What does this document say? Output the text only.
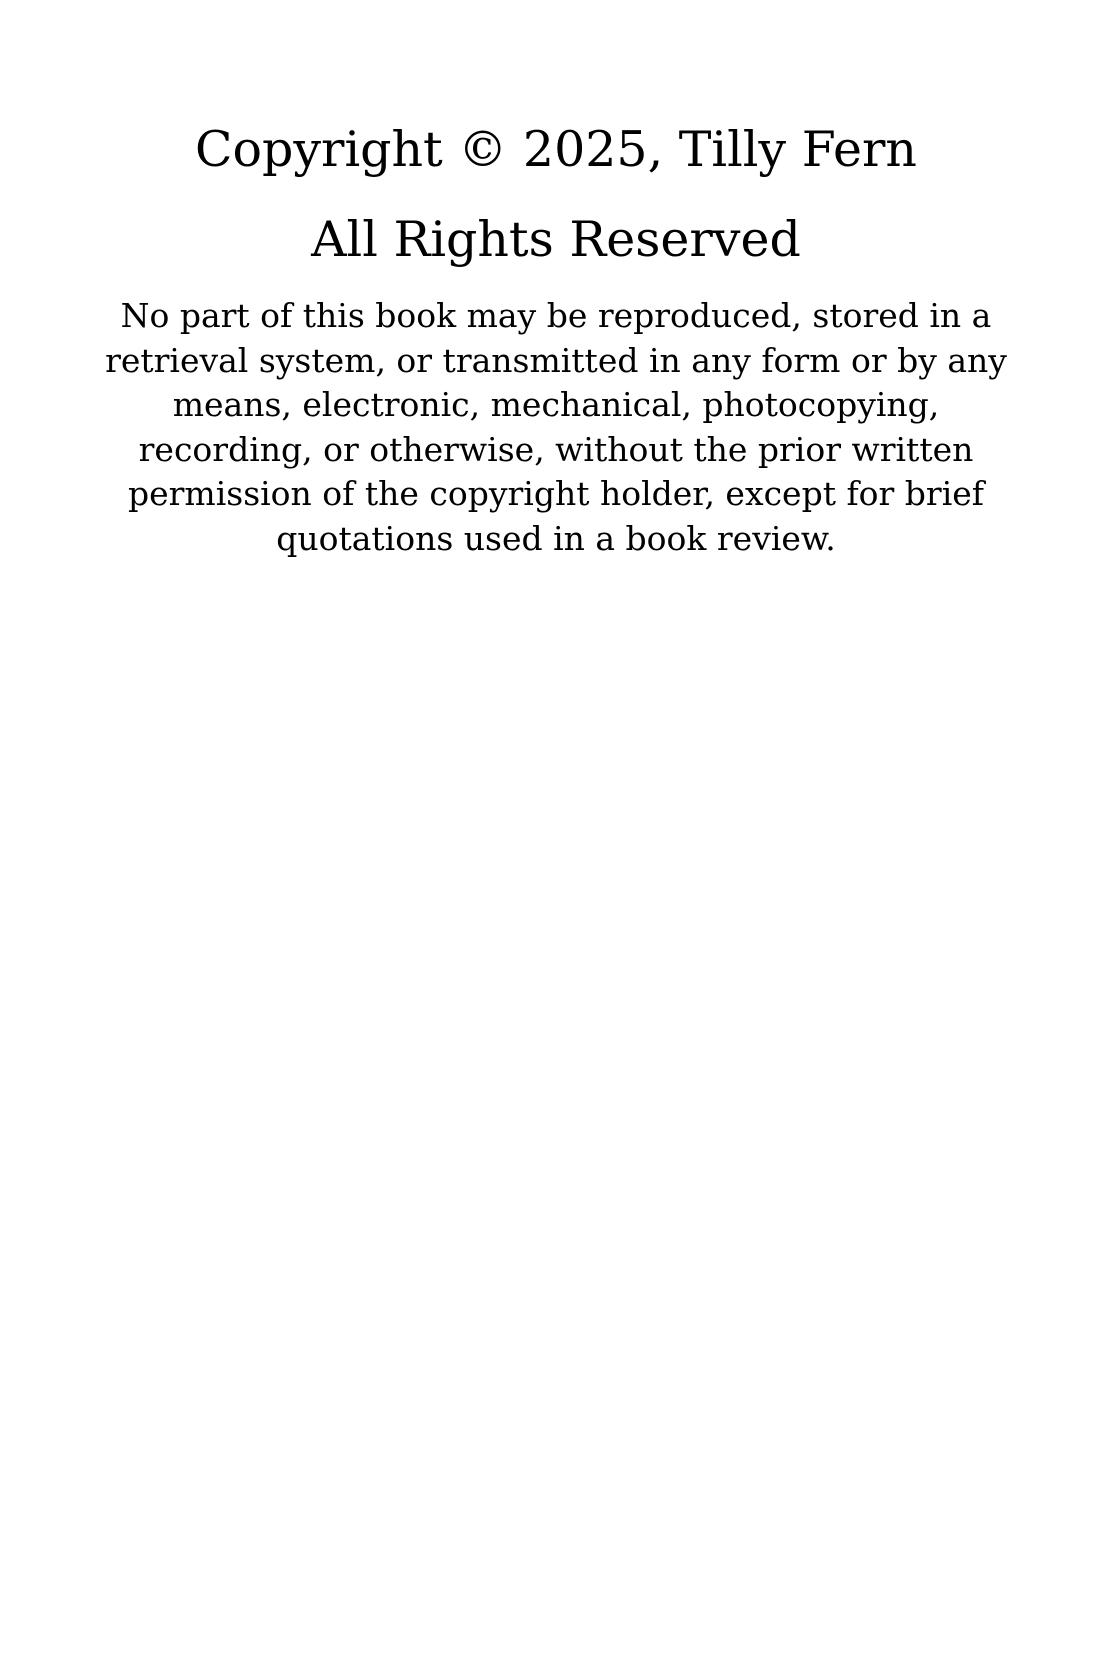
Copyright © 2025, Tilly Fern
All Rights Reserved

No part of this book may be reproduced, stored in a retrieval system, or transmitted in any form or by any means, electronic, mechanical, photocopying, recording, or otherwise, without the prior written permission of the copyright holder, except for brief quotations used in a book review.
